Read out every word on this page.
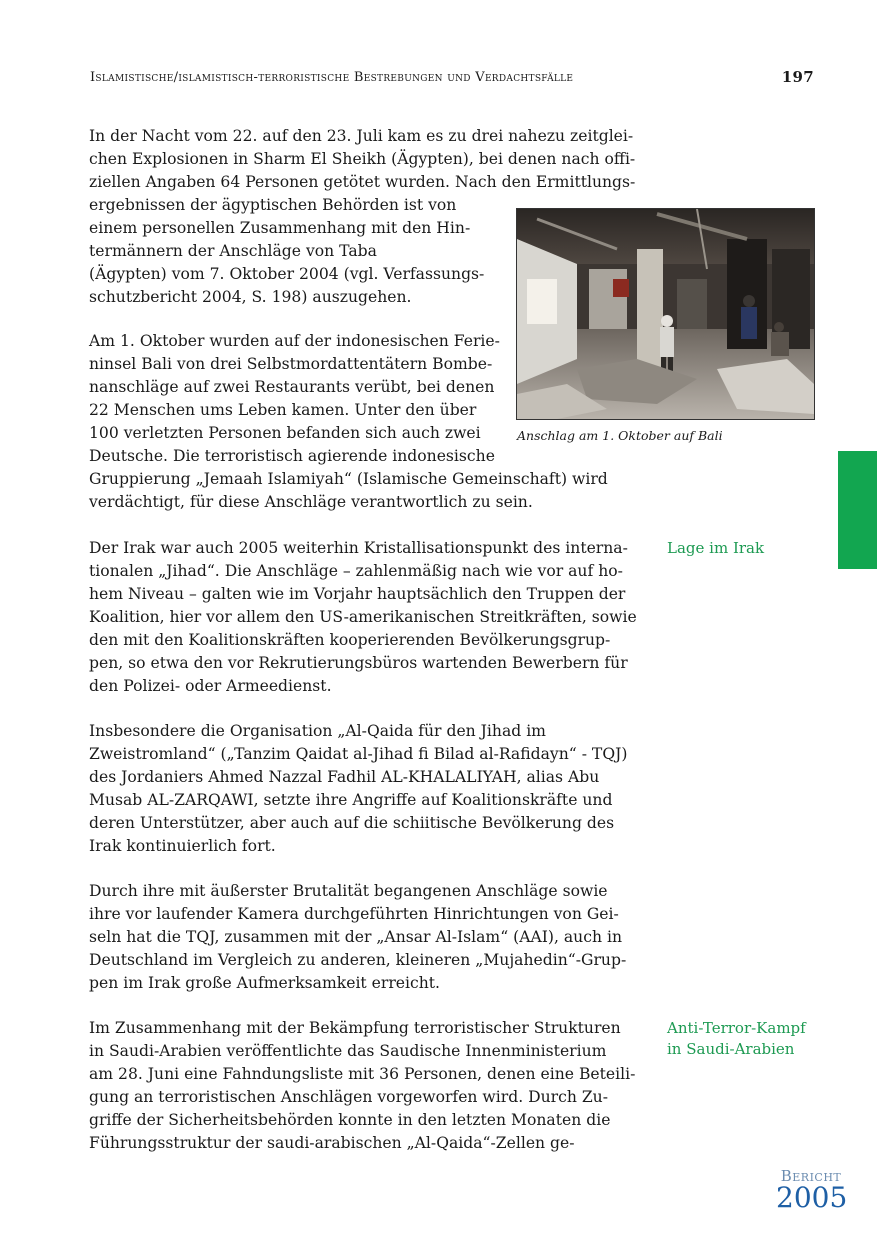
Islamistische/islamistisch-terroristische Bestrebungen und Verdachtsfälle	197

In der Nacht vom 22. auf den 23. Juli kam es zu drei nahezu zeitglei-
chen Explosionen in Sharm El Sheikh (Ägypten), bei denen nach offi-
ziellen Angaben 64 Personen getötet wurden. Nach den Ermittlungs-
ergebnissen der ägyptischen Behörden ist von
einem personellen Zusammenhang mit den Hin-
termännern der Anschläge von Taba
(Ägypten) vom 7. Oktober 2004 (vgl. Verfassungs-
schutzbericht 2004, S. 198) auszugehen.

Anschlag am 1. Oktober auf Bali

Am 1. Oktober wurden auf der indonesischen Ferie-
ninsel Bali von drei Selbstmordattentätern Bombe-
nanschläge auf zwei Restaurants verübt, bei denen
22 Menschen ums Leben kamen. Unter den über
100 verletzten Personen befanden sich auch zwei
Deutsche. Die terroristisch agierende indonesische
Gruppierung „Jemaah Islamiyah“ (Islamische Gemeinschaft) wird
verdächtigt, für diese Anschläge verantwortlich zu sein.

Der Irak war auch 2005 weiterhin Kristallisationspunkt des interna-
tionalen „Jihad“. Die Anschläge – zahlenmäßig nach wie vor auf ho-
hem Niveau – galten wie im Vorjahr hauptsächlich den Truppen der
Koalition, hier vor allem den US-amerikanischen Streitkräften, sowie
den mit den Koalitionskräften kooperierenden Bevölkerungsgrup-
pen, so etwa den vor Rekrutierungsbüros wartenden Bewerbern für
den Polizei- oder Armeedienst.

Lage im Irak

Insbesondere die Organisation „Al-Qaida für den Jihad im
Zweistromland“ („Tanzim Qaidat al-Jihad fi Bilad al-Rafidayn“ - TQJ)
des Jordaniers Ahmed Nazzal Fadhil AL-KHALALIYAH, alias Abu
Musab AL-ZARQAWI, setzte ihre Angriffe auf Koalitionskräfte und
deren Unterstützer, aber auch auf die schiitische Bevölkerung des
Irak kontinuierlich fort.

Durch ihre mit äußerster Brutalität begangenen Anschläge sowie
ihre vor laufender Kamera durchgeführten Hinrichtungen von Gei-
seln hat die TQJ, zusammen mit der „Ansar Al-Islam“ (AAI), auch in
Deutschland im Vergleich zu anderen, kleineren „Mujahedin“-Grup-
pen im Irak große Aufmerksamkeit erreicht.

Im Zusammenhang mit der Bekämpfung terroristischer Strukturen
in Saudi-Arabien veröffentlichte das Saudische Innenministerium
am 28. Juni eine Fahndungsliste mit 36 Personen, denen eine Beteili-
gung an terroristischen Anschlägen vorgeworfen wird. Durch Zu-
griffe der Sicherheitsbehörden konnte in den letzten Monaten die
Führungsstruktur der saudi-arabischen „Al-Qaida“-Zellen ge-

Anti-Terror-Kampf
in Saudi-Arabien
Bericht
2005
